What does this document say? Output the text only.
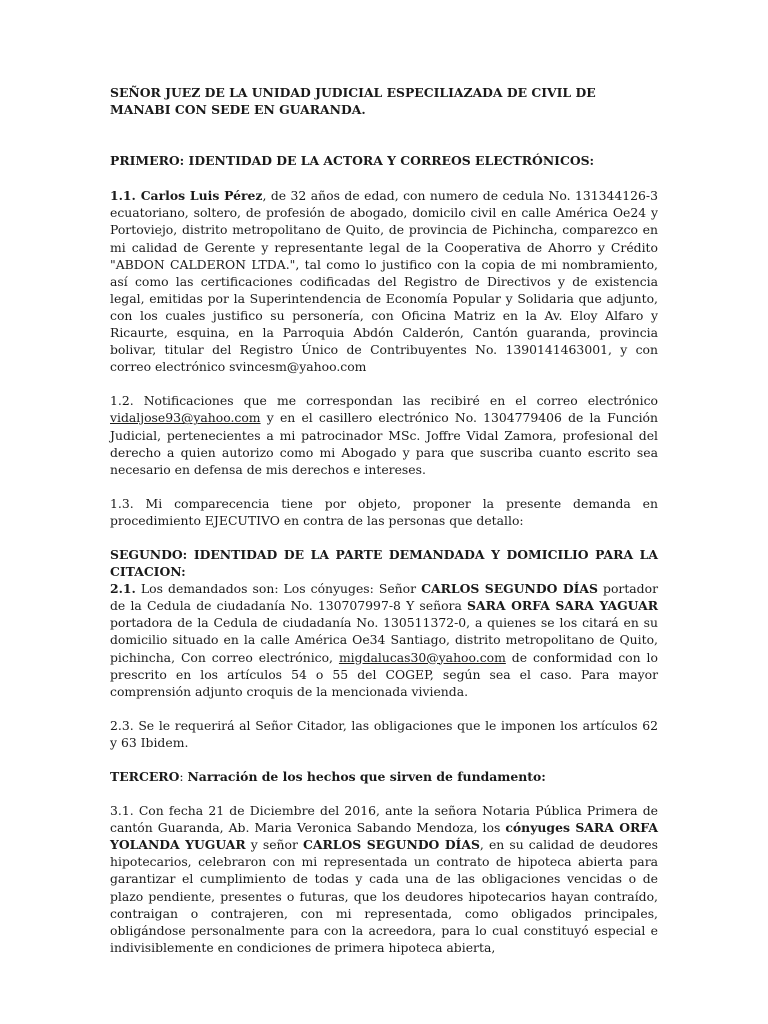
SEÑOR JUEZ DE LA UNIDAD JUDICIAL ESPECILIAZADA DE CIVIL DE MANABI CON SEDE EN GUARANDA.

PRIMERO: IDENTIDAD DE LA ACTORA Y CORREOS ELECTRÓNICOS:

1.1. Carlos Luis Pérez, de 32 años de edad, con numero de cedula No. 131344126-3 ecuatoriano, soltero, de profesión de abogado, domicilo civil en calle América Oe24 y Portoviejo, distrito metropolitano de Quito, de provincia de Pichincha, comparezco en mi calidad de Gerente y representante legal de la Cooperativa de Ahorro y Crédito "ABDON CALDERON LTDA.", tal como lo justifico con la copia de mi nombramiento, así como las certificaciones codificadas del Registro de Directivos y de existencia legal, emitidas por la Superintendencia de Economía Popular y Solidaria que adjunto, con los cuales justifico su personería, con Oficina Matriz en la Av. Eloy Alfaro y Ricaurte, esquina, en la Parroquia Abdón Calderón, Cantón guaranda, provincia bolivar, titular del Registro Único de Contribuyentes No. 1390141463001, y con correo electrónico svincesm@yahoo.com

1.2. Notificaciones que me correspondan las recibiré en el correo electrónico vidaljose93@yahoo.com y en el casillero electrónico No. 1304779406 de la Función Judicial, pertenecientes a mi patrocinador MSc. Joffre Vidal Zamora, profesional del derecho a quien autorizo como mi Abogado y para que suscriba cuanto escrito sea necesario en defensa de mis derechos e intereses.

1.3. Mi comparecencia tiene por objeto, proponer la presente demanda en procedimiento EJECUTIVO en contra de las personas que detallo:

SEGUNDO: IDENTIDAD DE LA PARTE DEMANDADA Y DOMICILIO PARA LA CITACION:

2.1. Los demandados son: Los cónyuges: Señor CARLOS SEGUNDO DÍAS portador de la Cedula de ciudadanía No. 130707997-8 Y señora SARA ORFA SARA YAGUAR portadora de la Cedula de ciudadanía No. 130511372-0, a quienes se los citará en su domicilio situado en la calle América Oe34 Santiago, distrito metropolitano de Quito, pichincha, Con correo electrónico, migdalucas30@yahoo.com de conformidad con lo prescrito en los artículos 54 o 55 del COGEP, según sea el caso. Para mayor comprensión adjunto croquis de la mencionada vivienda.

2.3. Se le requerirá al Señor Citador, las obligaciones que le imponen los artículos 62 y 63 Ibidem.

TERCERO: Narración de los hechos que sirven de fundamento:

3.1. Con fecha 21 de Diciembre del 2016, ante la señora Notaria Pública Primera de cantón Guaranda, Ab. Maria Veronica Sabando Mendoza, los cónyuges SARA ORFA YOLANDA YUGUAR y señor CARLOS SEGUNDO DÍAS, en su calidad de deudores hipotecarios, celebraron con mi representada un contrato de hipoteca abierta para garantizar el cumplimiento de todas y cada una de las obligaciones vencidas o de plazo pendiente, presentes o futuras, que los deudores hipotecarios hayan contraído, contraigan o contrajeren, con mi representada, como obligados principales, obligándose personalmente para con la acreedora, para lo cual constituyó especial e indivisiblemente en condiciones de primera hipoteca abierta,
